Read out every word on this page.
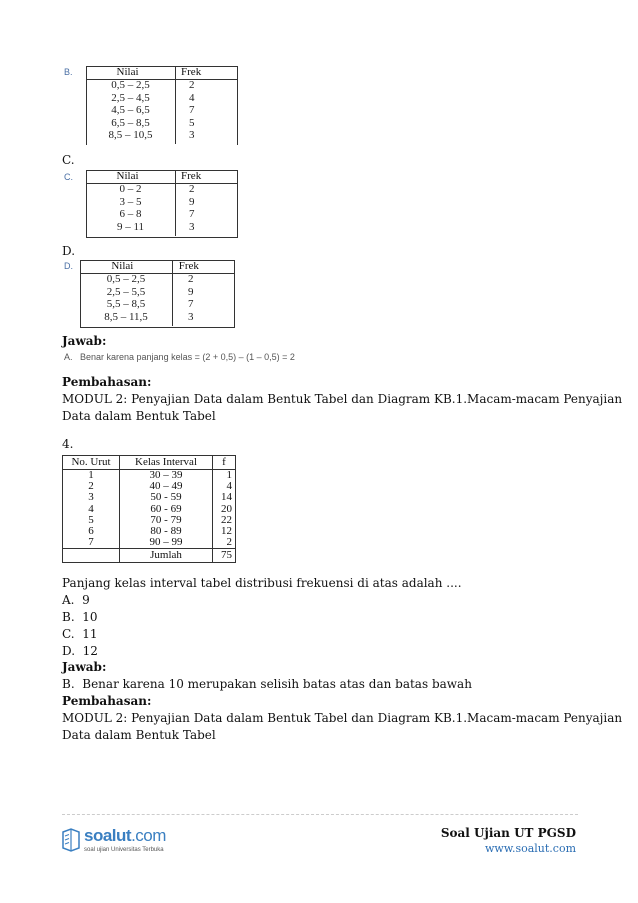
B.	Nilai	Frek
0,5 – 2,5	2
2,5 – 4,5	4
4,5 – 6,5	7
6,5 – 8,5	5
8,5 – 10,5	3
C.
C.	Nilai	Frek
0 – 2	2
3 – 5	9
6 – 8	7
9 – 11	3
D.
D.	Nilai	Frek
0,5 – 2,5	2
2,5 – 5,5	9
5,5 – 8,5	7
8,5 – 11,5	3
Jawab:
A.   Benar karena panjang kelas = (2 + 0,5) – (1 – 0,5) = 2
Pembahasan:
MODUL 2: Penyajian Data dalam Bentuk Tabel dan Diagram KB.1.Macam-macam Penyajian
Data dalam Bentuk Tabel
4.
No. Urut	Kelas Interval	f
1	30 – 39	1
2	40 – 49	4
3	50 - 59	14
4	60 - 69	20
5	70 - 79	22
6	80 - 89	12
7	90 – 99	2
	Jumlah	75
Panjang kelas interval tabel distribusi frekuensi di atas adalah ....
A.  9
B.  10
C.  11
D.  12
Jawab:
B.  Benar karena 10 merupakan selisih batas atas dan batas bawah
Pembahasan:
MODUL 2: Penyajian Data dalam Bentuk Tabel dan Diagram KB.1.Macam-macam Penyajian
Data dalam Bentuk Tabel
soalut.com
soal ujian Universitas Terbuka
Soal Ujian UT PGSD
www.soalut.com
